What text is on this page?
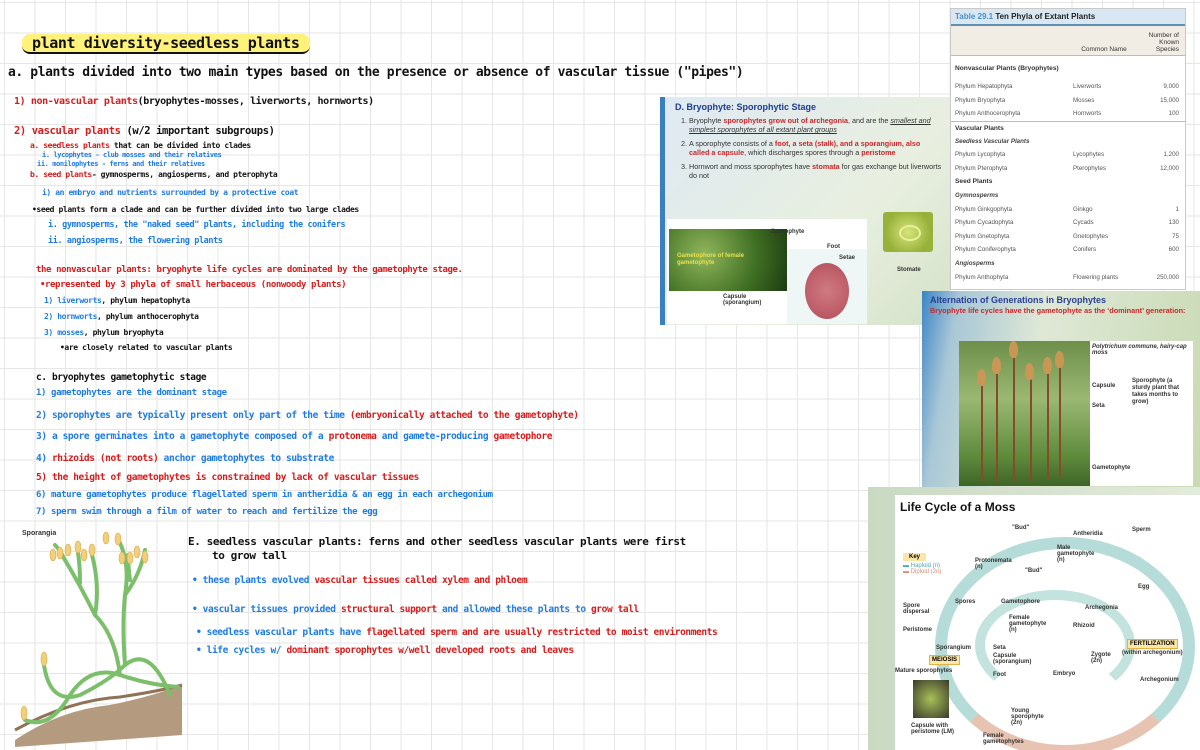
plant diversity-seedless plants
a. plants divided into two main types based on the presence or absence of vascular tissue ("pipes")
1) non-vascular plants(bryophytes-mosses, liverworts, hornworts)
2) vascular plants (w/2 important subgroups)
a. seedless plants that can be divided into clades
i. lycophytes - club mosses and their relatives
ii. monilophytes - ferns and their relatives
b. seed plants- gymnosperms, angiosperms, and pterophyta
i) an embryo and nutrients surrounded by a protective coat
•seed plants form a clade and can be further divided into two large clades
i. gymnosperms, the "naked seed" plants, including the conifers
ii. angiosperms, the flowering plants
the nonvascular plants: bryophyte life cycles are dominated by the gametophyte stage.
•represented by 3 phyla of small herbaceous (nonwoody plants)
1) liverworts, phylum hepatophyta
2) hornworts, phylum anthocerophyta
3) mosses, phylum bryophyta
•are closely related to vascular plants
c. bryophytes gametophytic stage
1) gametophytes are the dominant stage
2) sporophytes are typically present only part of the time (embryonically attached to the gametophyte)
3) a spore germinates into a gametophyte composed of a protonema and gamete-producing gametophore
4) rhizoids (not roots) anchor gametophytes to substrate
5) the height of gametophytes is constrained by lack of vascular tissues
6) mature gametophytes produce flagellated sperm in antheridia & an egg in each archegonium
7) sperm swim through a film of water to reach and fertilize the egg
E. seedless vascular plants: ferns and other seedless vascular plants were first
to grow tall
• these plants evolved vascular tissues called xylem and phloem
• vascular tissues provided structural support and allowed these plants to grow tall
• seedless vascular plants have flagellated sperm and are usually restricted to moist environments
• life cycles w/ dominant sporophytes w/well developed roots and leaves
Table 29.1 Ten Phyla of Extant Plants
Common Name
Number of Known Species
Nonvascular Plants (Bryophytes)
Phylum Hepatophyta	Liverworts	9,000
Phylum Bryophyta	Mosses	15,000
Phylum Anthocerophyta	Hornworts	100
Vascular Plants
Seedless Vascular Plants
Phylum Lycophyta	Lycophytes	1,200
Phylum Pterophyta	Pterophytes	12,000
Seed Plants
Gymnosperms
Phylum Ginkgophyta	Ginkgo	1
Phylum Cycadophyta	Cycads	130
Phylum Gnetophyta	Gnetophytes	75
Phylum Coniferophyta	Conifers	600
Angiosperms
Phylum Anthophyta	Flowering plants	250,000
D. Bryophyte: Sporophytic Stage
1. Bryophyte sporophytes grow out of archegonia, and are the smallest and simplest sporophytes of all extant plant groups
2. A sporophyte consists of a foot, a seta (stalk), and a sporangium, also called a capsule, which discharges spores through a peristome
3. Hornwort and moss sporophytes have stomata for gas exchange but liverworts do not
Gametophore of female gametophyte
Sporophyte
Foot
Setae
Capsule (sporangium)
Stomate
Alternation of Generations in Bryophytes

Bryophyte life cycles have the gametophyte as the ‘dominant’ generation:

Polytrichum commune, hairy-cap moss
Capsule
Seta
Sporophyte (a sturdy plant that takes months to grow)
Gametophyte
Life Cycle of a Moss
Key
▬ Haploid (n)
▬ Diploid (2n)
"Bud"
Antheridia
Sperm
Male gametophyte (n)
Protonemata (n)
"Bud"
Egg
Spores	Gametophore
Archegonia
Spore dispersal
Female gametophyte (n)
Rhizoid
Peristome
FERTILIZATION
(within archegonium)
Sporangium
MEIOSIS
Seta
Capsule (sporangium)
Foot
Zygote (2n)
Mature sporophytes	Embryo
Archegonium
Young sporophyte (2n)
Capsule with peristome (LM)
Female gametophytes
Sporangia
